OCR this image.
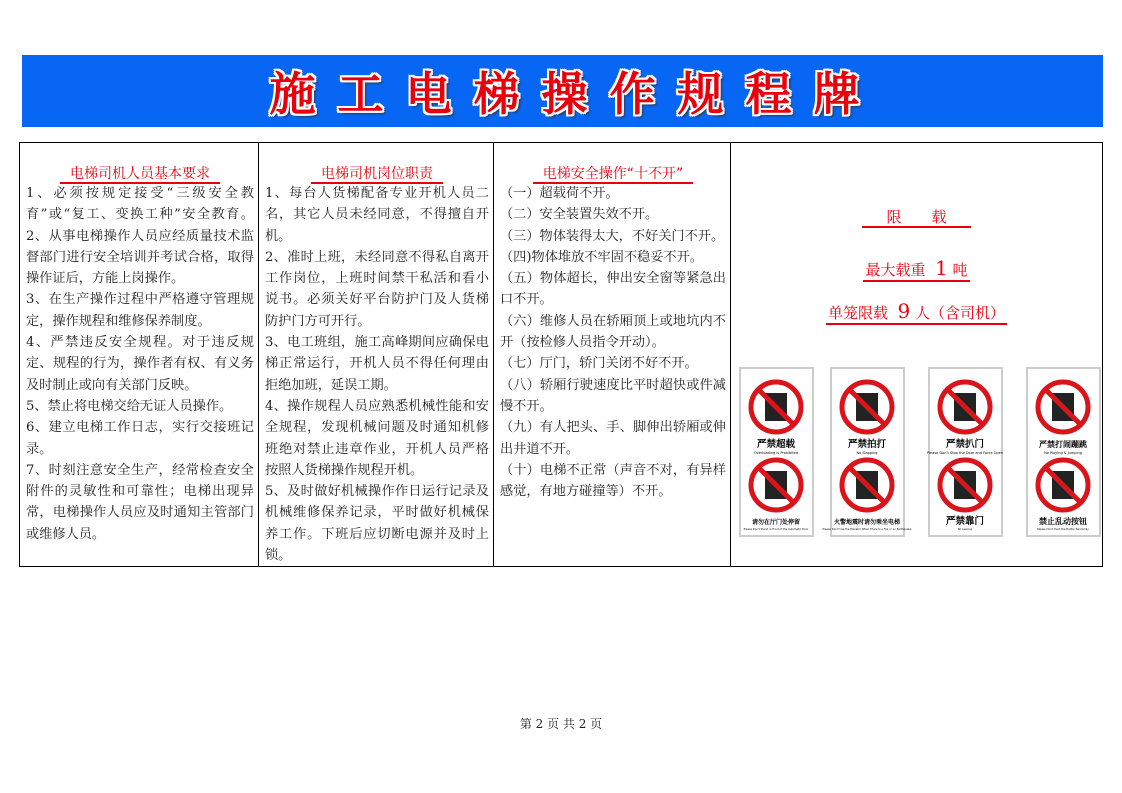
施工电梯操作规程牌
电梯司机人员基本要求
1、必须按规定接受“三级安全教育”或“复工、变换工种”安全教育。 2、从事电梯操作人员应经质量技术监督部门进行安全培训并考试合格，取得操作证后，方能上岗操作。
3、在生产操作过程中严格遵守管理规定，操作规程和维修保养制度。
4、严禁违反安全规程。对于违反规定、规程的行为，操作者有权、有义务及时制止或向有关部门反映。
5、禁止将电梯交给无证人员操作。
6、建立电梯工作日志，实行交接班记录。
7、时刻注意安全生产，经常检查安全附件的灵敏性和可靠性；电梯出现异常，电梯操作人员应及时通知主管部门或维修人员。
电梯司机岗位职责
1、每台人货梯配备专业开机人员二名，其它人员未经同意，不得擅自开机。
2、准时上班，未经同意不得私自离开工作岗位，上班时间禁干私活和看小说书。必须关好平台防护门及人货梯防护门方可开行。
3、电工班组，施工高峰期间应确保电梯正常运行，开机人员不得任何理由拒绝加班，延误工期。
4、操作规程人员应熟悉机械性能和安全规程，发现机械问题及时通知机修班绝对禁止违章作业，开机人员严格按照人货梯操作规程开机。
5、及时做好机械操作作日运行记录及机械维修保养记录，平时做好机械保养工作。下班后应切断电源并及时上锁。
电梯安全操作“十不开”
（一）超载荷不开。
（二）安全装置失效不开。
（三）物体装得太大，不好关门不开。
（四)物体堆放不牢固不稳妥不开。
（五）物体超长，伸出安全窗等紧急出口不开。
（六）维修人员在轿厢顶上或地坑内不开（按检修人员指令开动）。
（七）厅门，轿门关闭不好不开。
（八）轿厢行驶速度比平时超快或件减慢不开。
（九）有人把头、手、脚伸出轿厢或伸出井道不开。
（十）电梯不正常（声音不对，有异样感觉，有地方碰撞等）不开。
限　　载
最大载重 1 吨
单笼限载 9 人（含司机）
严禁超载
Overloading is Prohibited
请勿在厅门处停留
Please Don't Stand in Front of the Automatic Door
严禁拍打
No Slapping
火警地震时请勿乘坐电梯
Please Don't Use the Elevator When There Is a Fire or an Earthquake
严禁扒门
Please Don't Stop the Door and Force Open
严禁靠门
No Leaning
严禁打闹蹦跳
No Playing & Jumping
禁止乱动按钮
Please Don't Push the Button Randomly
第 2 页 共 2 页
